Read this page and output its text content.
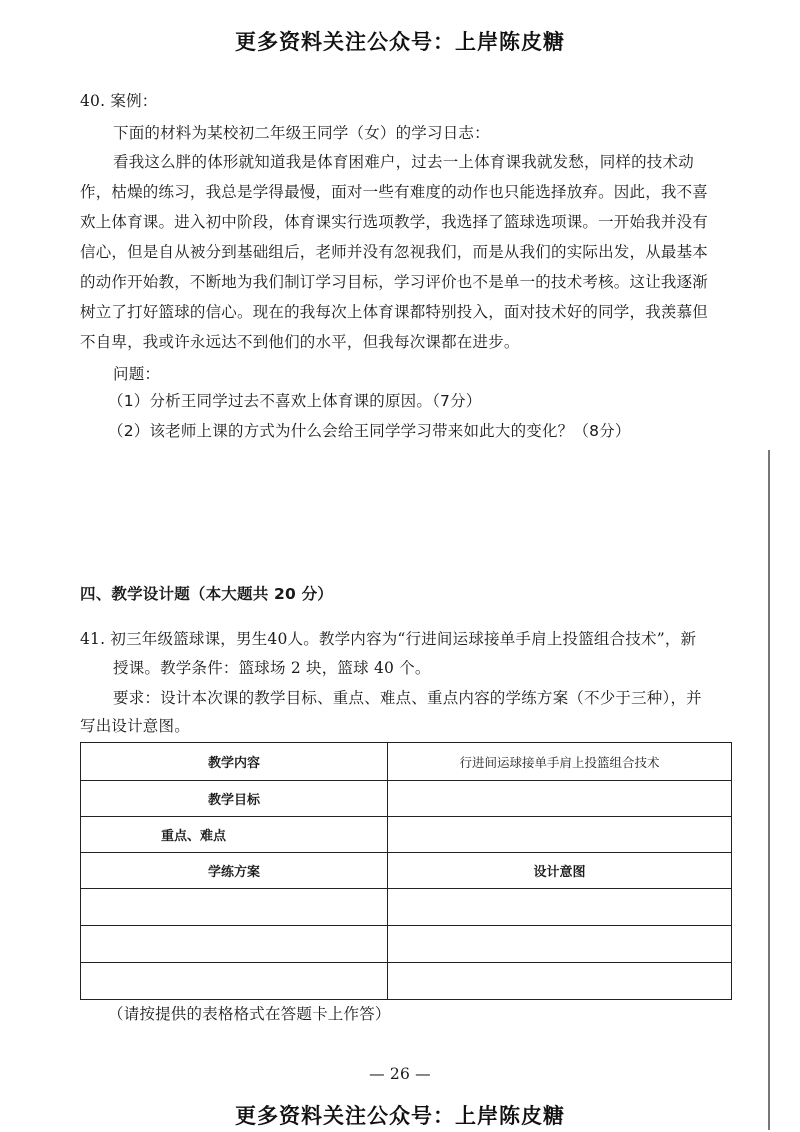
更多资料关注公众号：上岸陈皮糖
40. 案例：
下面的材料为某校初二年级王同学（女）的学习日志：
看我这么胖的体形就知道我是体育困难户，过去一上体育课我就发愁，同样的技术动
作，枯燥的练习，我总是学得最慢，面对一些有难度的动作也只能选择放弃。因此，我不喜
欢上体育课。进入初中阶段，体育课实行选项教学，我选择了篮球选项课。一开始我并没有
信心，但是自从被分到基础组后，老师并没有忽视我们，而是从我们的实际出发，从最基本
的动作开始教，不断地为我们制订学习目标，学习评价也不是单一的技术考核。这让我逐渐
树立了打好篮球的信心。现在的我每次上体育课都特别投入，面对技术好的同学，我羡慕但
不自卑，我或许永远达不到他们的水平，但我每次课都在进步。
问题：
（1）分析王同学过去不喜欢上体育课的原因。（7分）
（2）该老师上课的方式为什么会给王同学学习带来如此大的变化？（8分）
四、教学设计题（本大题共 20 分）
41. 初三年级篮球课，男生40人。教学内容为“行进间运球接单手肩上投篮组合技术”，新
授课。教学条件：篮球场 2 块，篮球 40 个。
要求：设计本次课的教学目标、重点、难点、重点内容的学练方案（不少于三种），并
写出设计意图。
教学内容	行进间运球接单手肩上投篮组合技术
教学目标	
重点、难点	
学练方案	设计意图

（请按提供的表格格式在答题卡上作答）
— 26 —
更多资料关注公众号：上岸陈皮糖
